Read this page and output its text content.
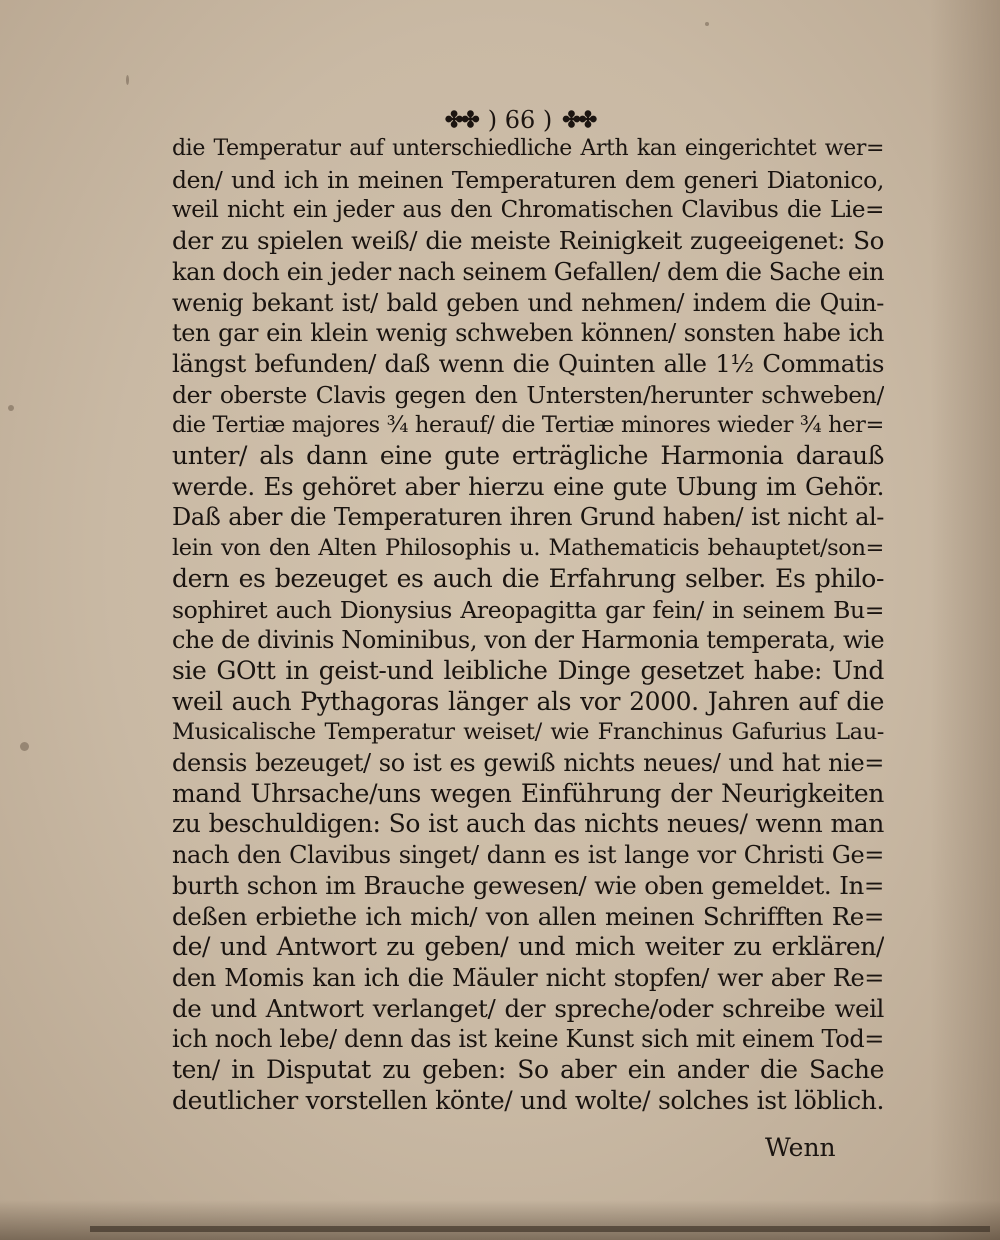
✤✤ ) 66 ) ✤✤
die Temperatur auf unterschiedliche Arth kan eingerichtet wer=
den/ und ich in meinen Temperaturen dem generi Diatonico,
weil nicht ein jeder aus den Chromatischen Clavibus die Lie=
der zu spielen weiß/ die meiste Reinigkeit zugeeigenet: So
kan doch ein jeder nach seinem Gefallen/ dem die Sache ein
wenig bekant ist/ bald geben und nehmen/ indem die Quin-
ten gar ein klein wenig schweben können/ sonsten habe ich
längst befunden/ daß wenn die Quinten alle 1½ Commatis
der oberste Clavis gegen den Untersten/herunter schweben/
die Tertiæ majores ¾ herauf/ die Tertiæ minores wieder ¾ her=
unter/ als dann eine gute erträgliche Harmonia darauß
werde. Es gehöret aber hierzu eine gute Ubung im Gehör.
Daß aber die Temperaturen ihren Grund haben/ ist nicht al-
lein von den Alten Philosophis u. Mathematicis behauptet/son=
dern es bezeuget es auch die Erfahrung selber. Es philo-
sophiret auch Dionysius Areopagitta gar fein/ in seinem Bu=
che de divinis Nominibus, von der Harmonia temperata, wie
sie GOtt in geist-und leibliche Dinge gesetzet habe: Und
weil auch Pythagoras länger als vor 2000. Jahren auf die
Musicalische Temperatur weiset/ wie Franchinus Gafurius Lau-
densis bezeuget/ so ist es gewiß nichts neues/ und hat nie=
mand Uhrsache/uns wegen Einführung der Neurigkeiten
zu beschuldigen: So ist auch das nichts neues/ wenn man
nach den Clavibus singet/ dann es ist lange vor Christi Ge=
burth schon im Brauche gewesen/ wie oben gemeldet. In=
deßen erbiethe ich mich/ von allen meinen Schrifften Re=
de/ und Antwort zu geben/ und mich weiter zu erklären/
den Momis kan ich die Mäuler nicht stopfen/ wer aber Re=
de und Antwort verlanget/ der spreche/oder schreibe weil
ich noch lebe/ denn das ist keine Kunst sich mit einem Tod=
ten/ in Disputat zu geben: So aber ein ander die Sache
deutlicher vorstellen könte/ und wolte/ solches ist löblich.
Wenn
